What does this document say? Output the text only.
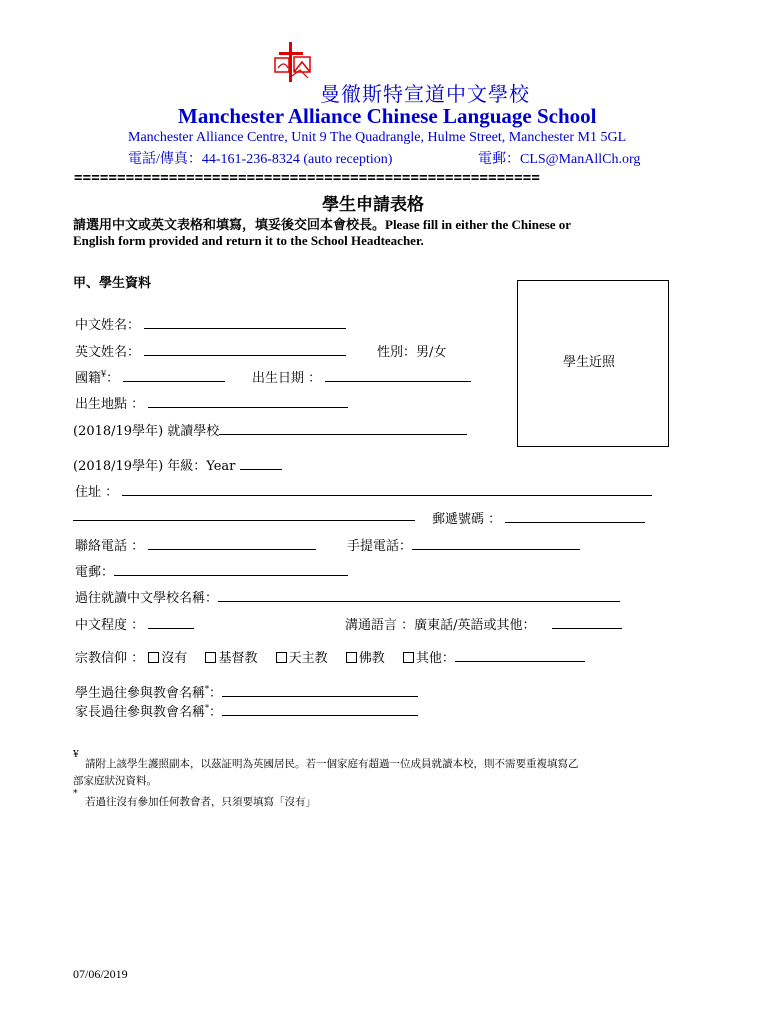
曼徹斯特宣道中文學校
Manchester Alliance Chinese Language School
Manchester Alliance Centre, Unit 9 The Quadrangle, Hulme Street, Manchester M1 5GL
電話/傳真：44-161-236-8324 (auto reception)	電郵：CLS@ManAllCh.org
======================================================
學生申請表格
請選用中文或英文表格和填寫，填妥後交回本會校長。Please fill in either the Chinese or
English form provided and return it to the School Headteacher.
甲、學生資料
學生近照
中文姓名：
英文姓名：	性別：男/女
國籍¥：	出生日期 ：
出生地點 ：
(2018/19學年) 就讀學校
(2018/19學年) 年級：Year
住址 ：
郵遞號碼 ：
聯絡電話 ：	手提電話：
電郵：
過往就讀中文學校名稱：
中文程度 ：	溝通語言 ：廣東話/英語或其他：
宗教信仰 ： 沒有 基督教 天主教 佛教 其他：
學生過往參與教會名稱*：
家長過往參與教會名稱*：
¥
請附上該學生護照副本，以茲証明為英國居民。若一個家庭有超過一位成員就讀本校，則不需要重複填寫乙
部家庭狀況資料。
*
若過往沒有參加任何教會者，只須要填寫「沒有」
07/06/2019
